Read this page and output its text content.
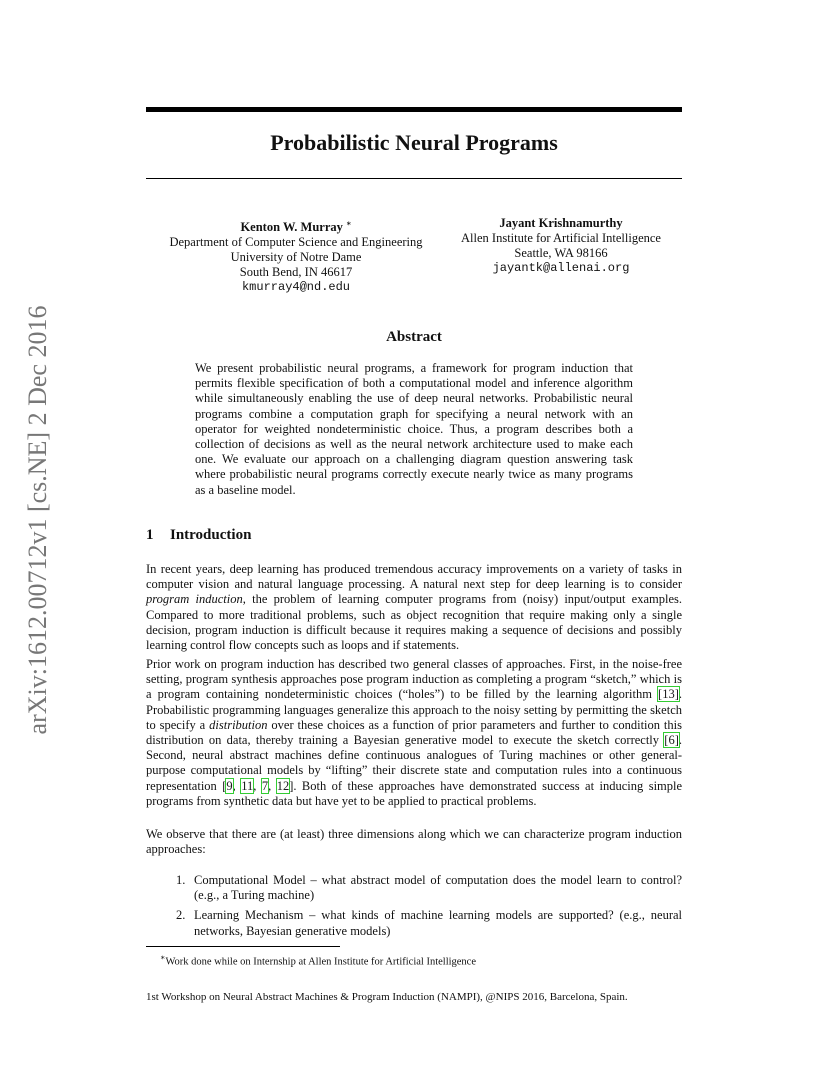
arXiv:1612.00712v1 [cs.NE] 2 Dec 2016
Probabilistic Neural Programs
Kenton W. Murray ∗
Department of Computer Science and Engineering
University of Notre Dame
South Bend, IN 46617
kmurray4@nd.edu
Jayant Krishnamurthy
Allen Institute for Artificial Intelligence
Seattle, WA 98166
jayantk@allenai.org
Abstract

We present probabilistic neural programs, a framework for program induction that permits flexible specification of both a computational model and inference algorithm while simultaneously enabling the use of deep neural networks. Probabilistic neural programs combine a computation graph for specifying a neural network with an operator for weighted nondeterministic choice. Thus, a program describes both a collection of decisions as well as the neural network architecture used to make each one. We evaluate our approach on a challenging diagram question answering task where probabilistic neural programs correctly execute nearly twice as many programs as a baseline model.

1 Introduction

In recent years, deep learning has produced tremendous accuracy improvements on a variety of tasks in computer vision and natural language processing. A natural next step for deep learning is to consider program induction, the problem of learning computer programs from (noisy) input/output examples. Compared to more traditional problems, such as object recognition that require making only a single decision, program induction is difficult because it requires making a sequence of decisions and possibly learning control flow concepts such as loops and if statements.

Prior work on program induction has described two general classes of approaches. First, in the noise-free setting, program synthesis approaches pose program induction as completing a program “sketch,” which is a program containing nondeterministic choices (“holes”) to be filled by the learning algorithm [13]. Probabilistic programming languages generalize this approach to the noisy setting by permitting the sketch to specify a distribution over these choices as a function of prior parameters and further to condition this distribution on data, thereby training a Bayesian generative model to execute the sketch correctly [6]. Second, neural abstract machines define continuous analogues of Turing machines or other general-purpose computational models by “lifting” their discrete state and computation rules into a continuous representation [9, 11, 7, 12]. Both of these approaches have demonstrated success at inducing simple programs from synthetic data but have yet to be applied to practical problems.

We observe that there are (at least) three dimensions along which we can characterize program induction approaches:

1. Computational Model – what abstract model of computation does the model learn to control? (e.g., a Turing machine)
2. Learning Mechanism – what kinds of machine learning models are supported? (e.g., neural networks, Bayesian generative models)
∗Work done while on Internship at Allen Institute for Artificial Intelligence
1st Workshop on Neural Abstract Machines & Program Induction (NAMPI), @NIPS 2016, Barcelona, Spain.
